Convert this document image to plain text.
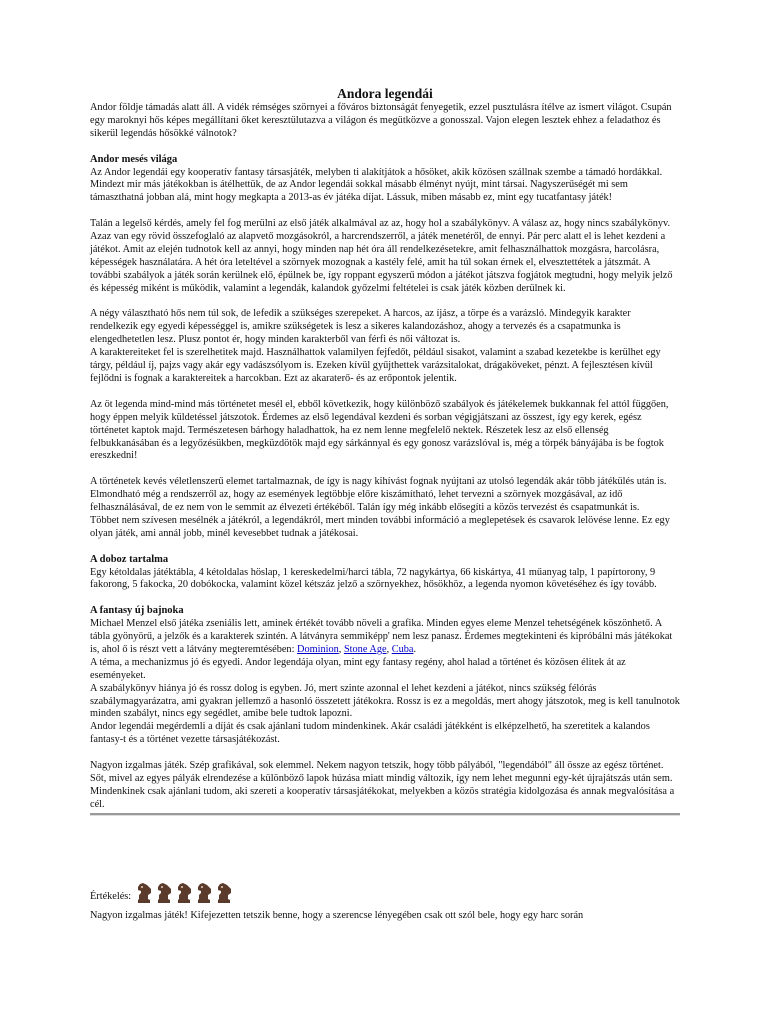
Andora legendái

Andor földje támadás alatt áll. A vidék rémséges szörnyei a főváros biztonságát fenyegetik, ezzel pusztulásra ítélve az ismert világot. Csupán egy maroknyi hős képes megállítani őket keresztülutazva a világon és megütközve a gonosszal. Vajon elegen lesztek ehhez a feladathoz és sikerül legendás hősökké válnotok?

Andor mesés világa

Az Andor legendái egy kooperatív fantasy társasjáték, melyben ti alakítjátok a hősöket, akik közösen szállnak szembe a támadó hordákkal. Mindezt mir más játékokban is átélhettük, de az Andor legendái sokkal másabb élményt nyújt, mint társai. Nagyszerűségét mi sem támaszthatná jobban alá, mint hogy megkapta a 2013-as év játéka díjat. Lássuk, miben másabb ez, mint egy tucatfantasy játék!

Talán a legelső kérdés, amely fel fog merülni az első játék alkalmával az az, hogy hol a szabálykönyv. A válasz az, hogy nincs szabálykönyv. Azaz van egy rövid összefoglaló az alapvető mozgásokról, a harcrendszerről, a játék menetéről, de ennyi. Pár perc alatt el is lehet kezdeni a játékot. Amit az elején tudnotok kell az annyi, hogy minden nap hét óra áll rendelkezésetekre, amit felhasználhattok mozgásra, harcolásra, képességek használatára. A hét óra leteltével a szörnyek mozognak a kastély felé, amit ha túl sokan érnek el, elvesztettétek a játszmát. A további szabályok a játék során kerülnek elő, épülnek be, így roppant egyszerű módon a játékot játszva fogjátok megtudni, hogy melyik jelző és képesség miként is működik, valamint a legendák, kalandok győzelmi feltételei is csak játék közben derülnek ki.

A négy választható hős nem túl sok, de lefedik a szükséges szerepeket. A harcos, az íjász, a törpe és a varázsló. Mindegyik karakter rendelkezik egy egyedi képességgel is, amikre szükségetek is lesz a sikeres kalandozáshoz, ahogy a tervezés és a csapatmunka is elengedhetetlen lesz. Plusz pontot ér, hogy minden karakterből van férfi és női változat is.
A karaktereiteket fel is szerelhetitek majd. Használhattok valamilyen fejfedőt, például sisakot, valamint a szabad kezetekbe is kerülhet egy tárgy, például íj, pajzs vagy akár egy vadászsólyom is. Ezeken kívül gyűjthettek varázsitalokat, drágaköveket, pénzt. A fejlesztésen kívül fejlődni is fognak a karaktereitek a harcokban. Ezt az akaraterő- és az erőpontok jelentik.

Az öt legenda mind-mind más történetet mesél el, ebből következik, hogy különböző szabályok és játékelemek bukkannak fel attól függően, hogy éppen melyik küldetéssel játszotok. Érdemes az első legendával kezdeni és sorban végigjátszani az összest, így egy kerek, egész történetet kaptok majd. Természetesen bárhogy haladhattok, ha ez nem lenne megfelelő nektek. Részetek lesz az első ellenség felbukkanásában és a legyőzésükben, megküzdötök majd egy sárkánnyal és egy gonosz varázslóval is, még a törpék bányájába is be fogtok ereszkedni!

A történetek kevés véletlenszerű elemet tartalmaznak, de így is nagy kihívást fognak nyújtani az utolsó legendák akár több játékülés után is. Elmondható még a rendszerről az, hogy az események legtöbbje előre kiszámítható, lehet tervezni a szörnyek mozgásával, az idő felhasználásával, de ez nem von le semmit az élvezeti értékéből. Talán így még inkább elősegíti a közös tervezést és csapatmunkát is.
Többet nem szívesen mesélnék a játékról, a legendákról, mert minden további információ a meglepetések és csavarok lelövése lenne. Ez egy olyan játék, ami annál jobb, minél kevesebbet tudnak a játékosai.

A doboz tartalma

Egy kétoldalas játéktábla, 4 kétoldalas höslap, 1 kereskedelmi/harci tábla, 72 nagykártya, 66 kiskártya, 41 műanyag talp, 1 papírtorony, 9 fakorong, 5 fakocka, 20 dobókocka, valamint közel kétszáz jelző a szörnyekhez, hősökhöz, a legenda nyomon követéséhez és így tovább.

A fantasy új bajnoka

Michael Menzel első játéka zseniális lett, aminek értékét tovább növeli a grafika. Minden egyes eleme Menzel tehetségének köszönhető. A tábla gyönyörű, a jelzők és a karakterek szintén. A látványra semmiképp' nem lesz panasz. Érdemes megtekinteni és kipróbálni más játékokat is, ahol ő is részt vett a látvány megteremtésében: Dominion, Stone Age, Cuba.

A téma, a mechanizmus jó és egyedi. Andor legendája olyan, mint egy fantasy regény, ahol halad a történet és közösen élitek át az eseményeket.

A szabálykönyv hiánya jó és rossz dolog is egyben. Jó, mert szinte azonnal el lehet kezdeni a játékot, nincs szükség félórás szabálymagyarázatra, ami gyakran jellemző a hasonló összetett játékokra. Rossz is ez a megoldás, mert ahogy játszotok, meg is kell tanulnotok minden szabályt, nincs egy segédlet, amibe bele tudtok lapozni.

Andor legendái megérdemli a díját és csak ajánlani tudom mindenkinek. Akár családi játékként is elképzelhető, ha szeretitek a kalandos fantasy-t és a történet vezette társasjátékozást.

Nagyon izgalmas játék. Szép grafikával, sok elemmel. Nekem nagyon tetszik, hogy több pályából, "legendából" áll össze az egész történet. Sőt, mivel az egyes pályák elrendezése a különböző lapok húzása miatt mindig változik, így nem lehet megunni egy-két újrajátszás után sem.

Mindenkinek csak ajánlani tudom, aki szereti a kooperatív társasjátékokat, melyekben a közös stratégia kidolgozása és annak megvalósítása a cél.

Értékelés:

Nagyon izgalmas játék! Kifejezetten tetszik benne, hogy a szerencse lényegében csak ott szól bele, hogy egy harc során
